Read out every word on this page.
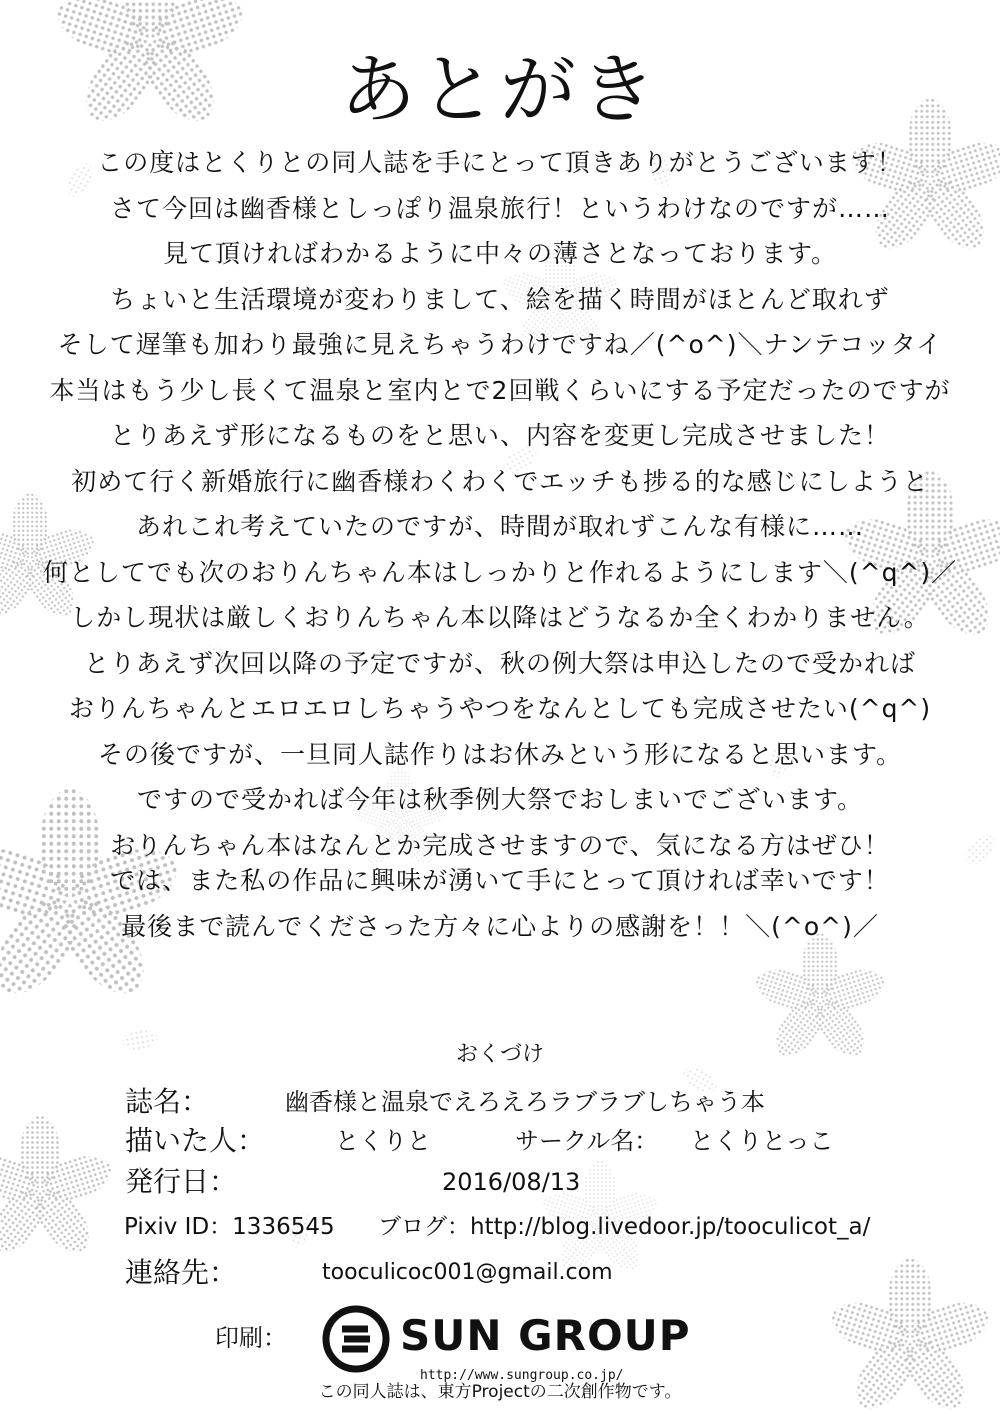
あとがき
この度はとくりとの同人誌を手にとって頂きありがとうございます！
さて今回は幽香様としっぽり温泉旅行！というわけなのですが……
見て頂ければわかるように中々の薄さとなっております。
ちょいと生活環境が変わりまして、絵を描く時間がほとんど取れず
そして遅筆も加わり最強に見えちゃうわけですね／(^o^)＼ナンテコッタイ
本当はもう少し長くて温泉と室内とで2回戦くらいにする予定だったのですが
とりあえず形になるものをと思い、内容を変更し完成させました！
初めて行く新婚旅行に幽香様わくわくでエッチも捗る的な感じにしようと
あれこれ考えていたのですが、時間が取れずこんな有様に……
何としてでも次のおりんちゃん本はしっかりと作れるようにします＼(^q^)／
しかし現状は厳しくおりんちゃん本以降はどうなるか全くわかりません。
とりあえず次回以降の予定ですが、秋の例大祭は申込したので受かれば
おりんちゃんとエロエロしちゃうやつをなんとしても完成させたい(^q^)
その後ですが、一旦同人誌作りはお休みという形になると思います。
ですので受かれば今年は秋季例大祭でおしまいでございます。
おりんちゃん本はなんとか完成させますので、気になる方はぜひ！
では、また私の作品に興味が湧いて手にとって頂ければ幸いです！
最後まで読んでくださった方々に心よりの感謝を！！＼(^o^)／
おくづけ
誌名：	幽香様と温泉でえろえろラブラブしちゃう本
描いた人：	とくりと	サークル名： とくりとっこ
発行日：	2016/08/13
Pixiv ID：1336545 ブログ：http://blog.livedoor.jp/tooculicot_a/
連絡先：	tooculicoc001@gmail.com
印刷：	SUN GROUP
http://www.sungroup.co.jp/
この同人誌は、東方Projectの二次創作物です。
